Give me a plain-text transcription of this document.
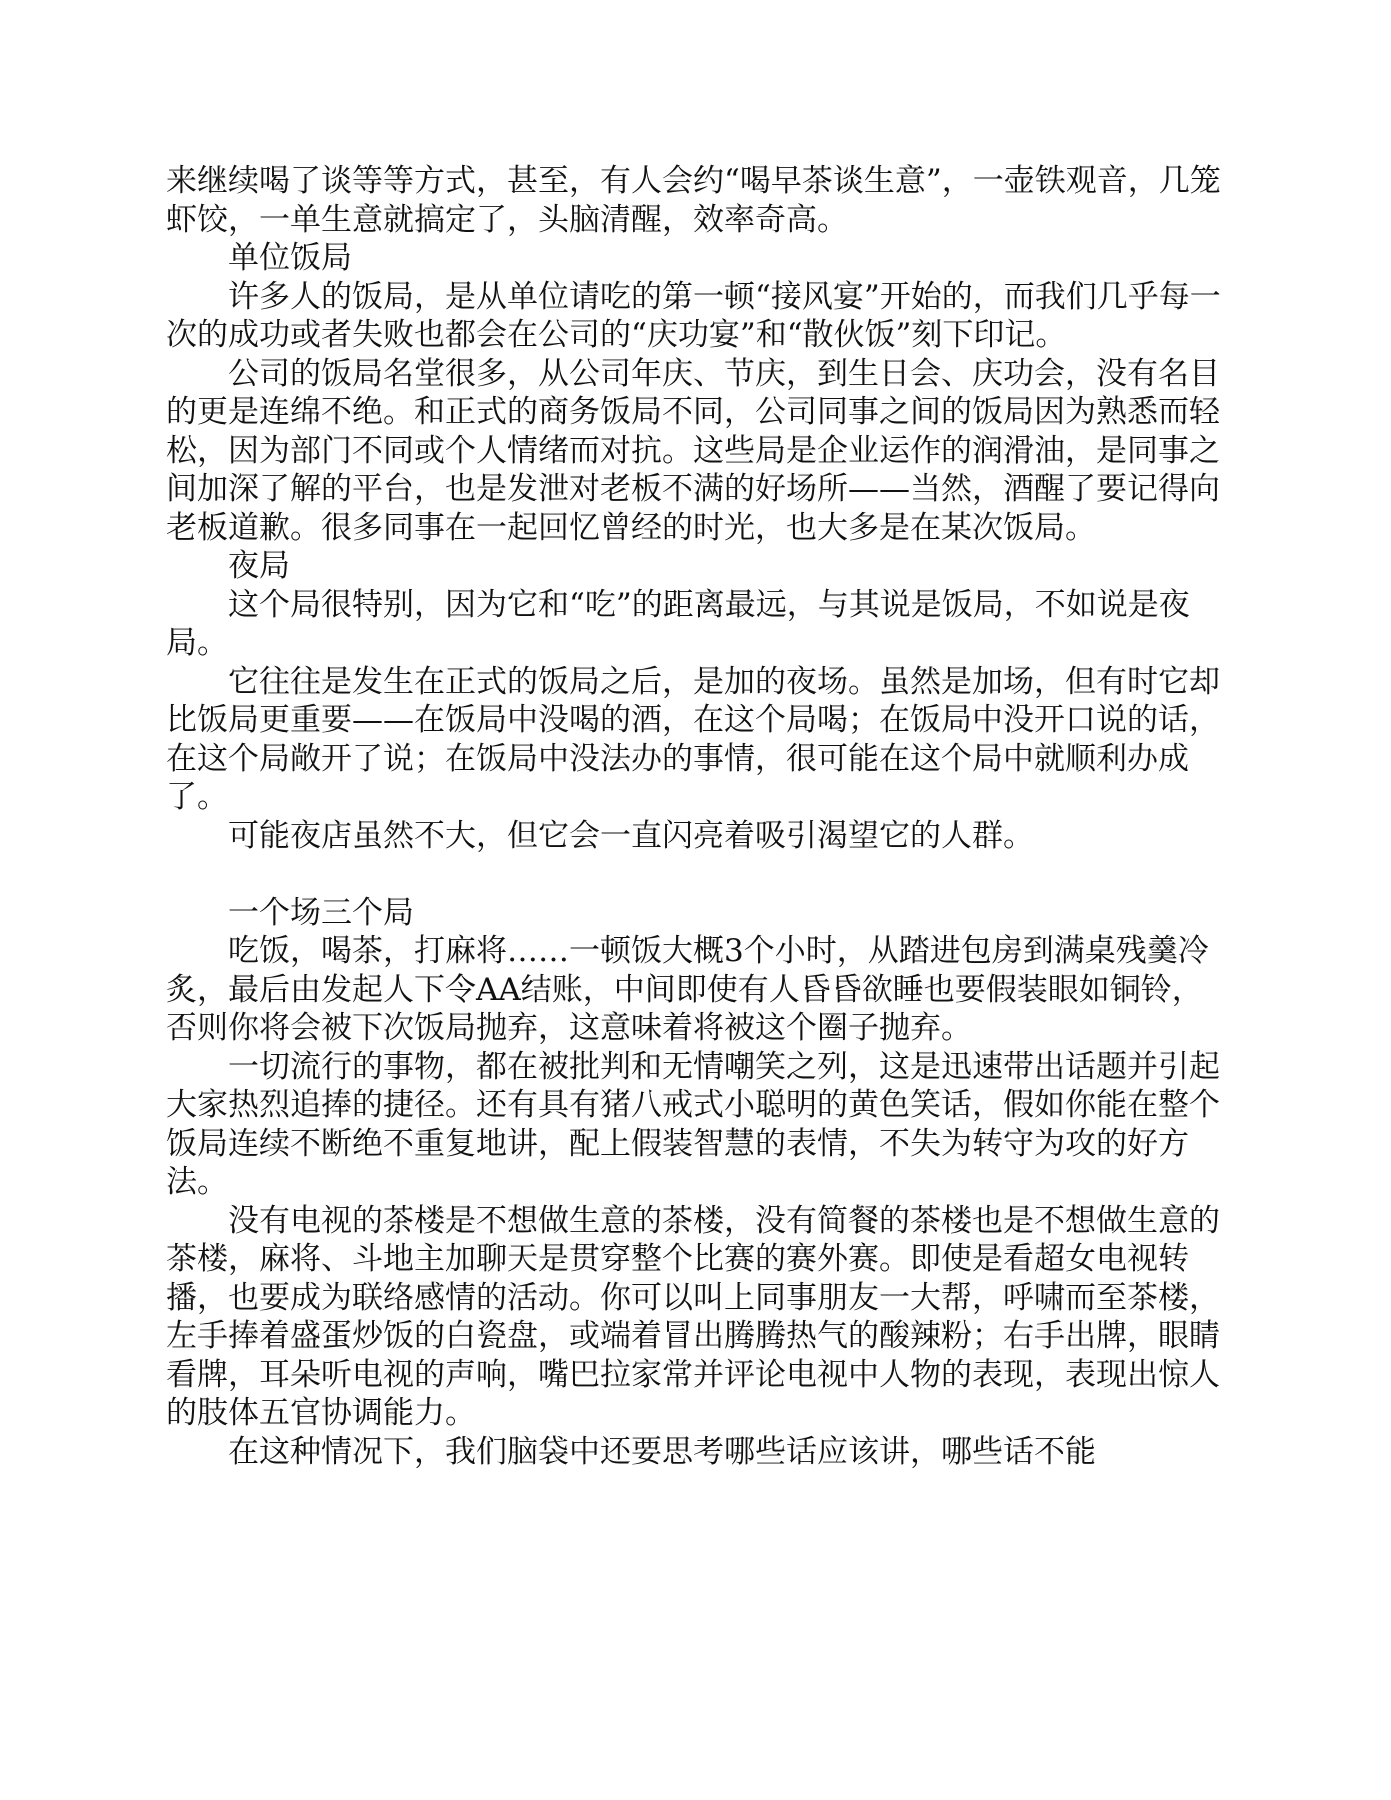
来继续喝了谈等等方式，甚至，有人会约“喝早茶谈生意”，一壶铁观音，几笼虾饺，一单生意就搞定了，头脑清醒，效率奇高。

单位饭局

许多人的饭局，是从单位请吃的第一顿“接风宴”开始的，而我们几乎每一次的成功或者失败也都会在公司的“庆功宴”和“散伙饭”刻下印记。

公司的饭局名堂很多，从公司年庆、节庆，到生日会、庆功会，没有名目的更是连绵不绝。和正式的商务饭局不同，公司同事之间的饭局因为熟悉而轻松，因为部门不同或个人情绪而对抗。这些局是企业运作的润滑油，是同事之间加深了解的平台，也是发泄对老板不满的好场所——当然，酒醒了要记得向老板道歉。很多同事在一起回忆曾经的时光，也大多是在某次饭局。

夜局

这个局很特别，因为它和“吃”的距离最远，与其说是饭局，不如说是夜局。

它往往是发生在正式的饭局之后，是加的夜场。虽然是加场，但有时它却比饭局更重要——在饭局中没喝的酒，在这个局喝；在饭局中没开口说的话，在这个局敞开了说；在饭局中没法办的事情，很可能在这个局中就顺利办成了。

可能夜店虽然不大，但它会一直闪亮着吸引渴望它的人群。

一个场三个局

吃饭，喝茶，打麻将……一顿饭大概3个小时，从踏进包房到满桌残羹冷炙，最后由发起人下令AA结账，中间即使有人昏昏欲睡也要假装眼如铜铃，否则你将会被下次饭局抛弃，这意味着将被这个圈子抛弃。

一切流行的事物，都在被批判和无情嘲笑之列，这是迅速带出话题并引起大家热烈追捧的捷径。还有具有猪八戒式小聪明的黄色笑话，假如你能在整个饭局连续不断绝不重复地讲，配上假装智慧的表情，不失为转守为攻的好方法。

没有电视的茶楼是不想做生意的茶楼，没有简餐的茶楼也是不想做生意的茶楼，麻将、斗地主加聊天是贯穿整个比赛的赛外赛。即使是看超女电视转播，也要成为联络感情的活动。你可以叫上同事朋友一大帮，呼啸而至茶楼，左手捧着盛蛋炒饭的白瓷盘，或端着冒出腾腾热气的酸辣粉；右手出牌，眼睛看牌，耳朵听电视的声响，嘴巴拉家常并评论电视中人物的表现，表现出惊人的肢体五官协调能力。

在这种情况下，我们脑袋中还要思考哪些话应该讲，哪些话不能
